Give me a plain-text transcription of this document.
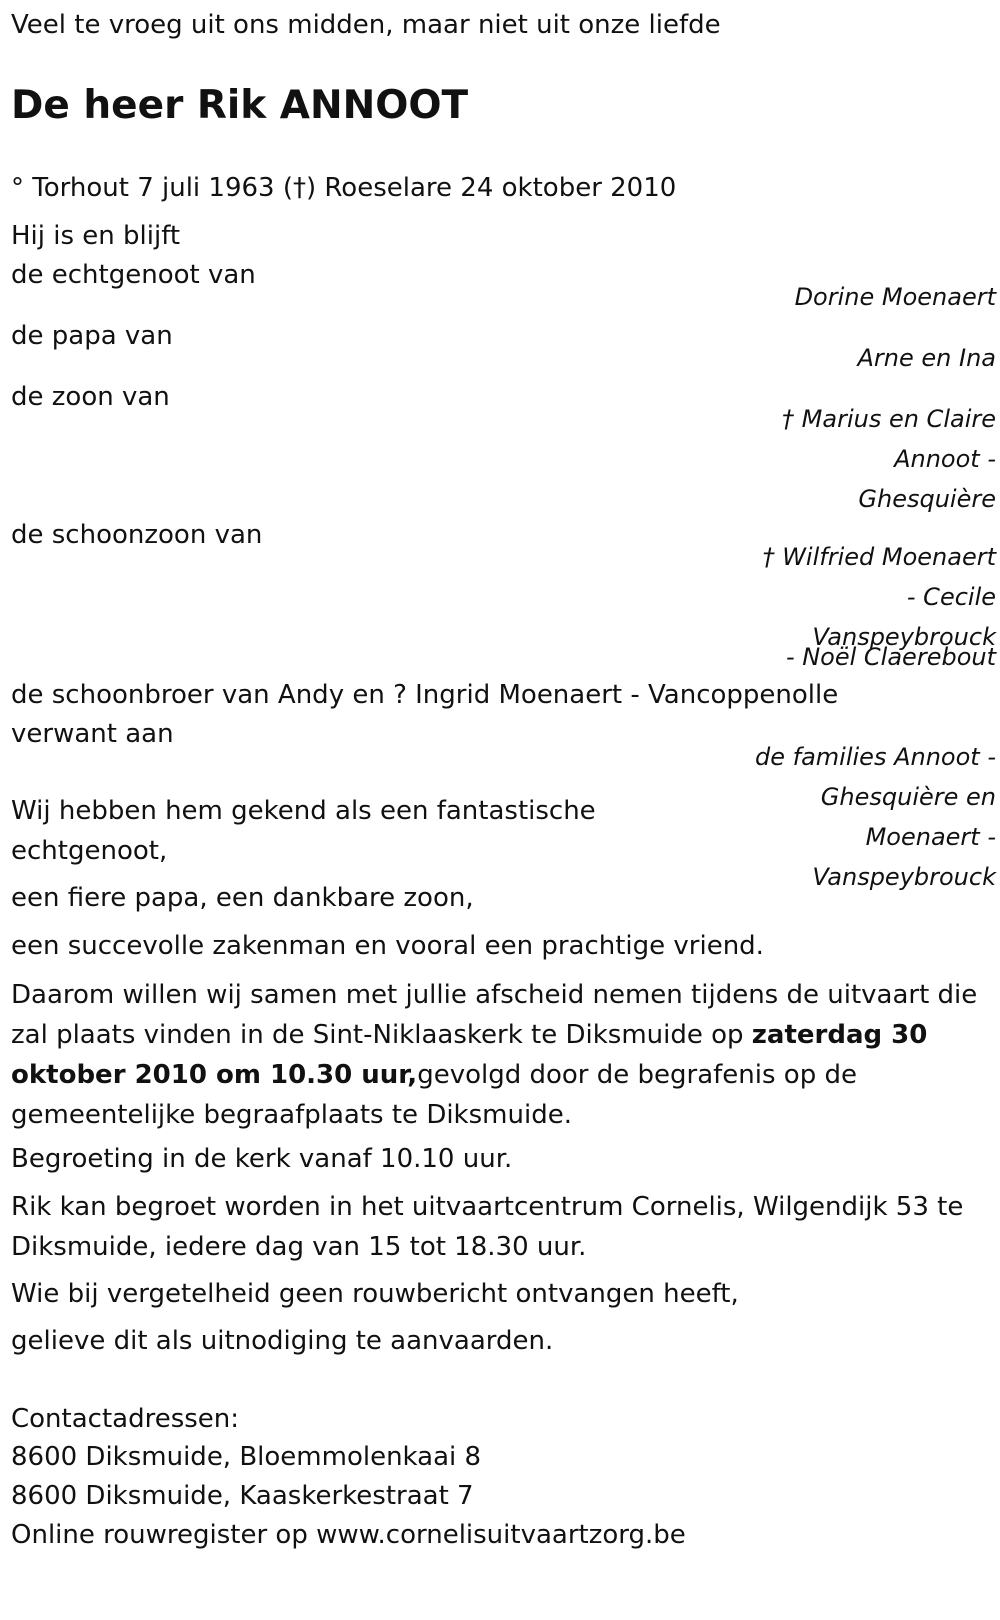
Veel te vroeg uit ons midden, maar niet uit onze liefde
De heer Rik ANNOOT
° Torhout 7 juli 1963 (†) Roeselare 24 oktober 2010
Hij is en blijft
de echtgenoot van
Dorine Moenaert
de papa van
Arne en Ina
de zoon van
† Marius en Claire Annoot - Ghesquière
de schoonzoon van
† Wilfried Moenaert - Cecile Vanspeybrouck
- Noël Claerebout
de schoonbroer van Andy en ? Ingrid Moenaert - Vancoppenolle
verwant aan
de families Annoot - Ghesquière en Moenaert - Vanspeybrouck
Wij hebben hem gekend als een fantastische echtgenoot,
een fiere papa, een dankbare zoon,
een succevolle zakenman en vooral een prachtige vriend.
Daarom willen wij samen met jullie afscheid nemen tijdens de uitvaart die zal plaats vinden in de Sint-Niklaaskerk te Diksmuide op zaterdag 30 oktober 2010 om 10.30 uur,gevolgd door de begrafenis op de gemeentelijke begraafplaats te Diksmuide.
Begroeting in de kerk vanaf 10.10 uur.
Rik kan begroet worden in het uitvaartcentrum Cornelis, Wilgendijk 53 te Diksmuide, iedere dag van 15 tot 18.30 uur.
Wie bij vergetelheid geen rouwbericht ontvangen heeft,
gelieve dit als uitnodiging te aanvaarden.
Contactadressen:
8600 Diksmuide, Bloemmolenkaai 8
8600 Diksmuide, Kaaskerkestraat 7
Online rouwregister op www.cornelisuitvaartzorg.be
